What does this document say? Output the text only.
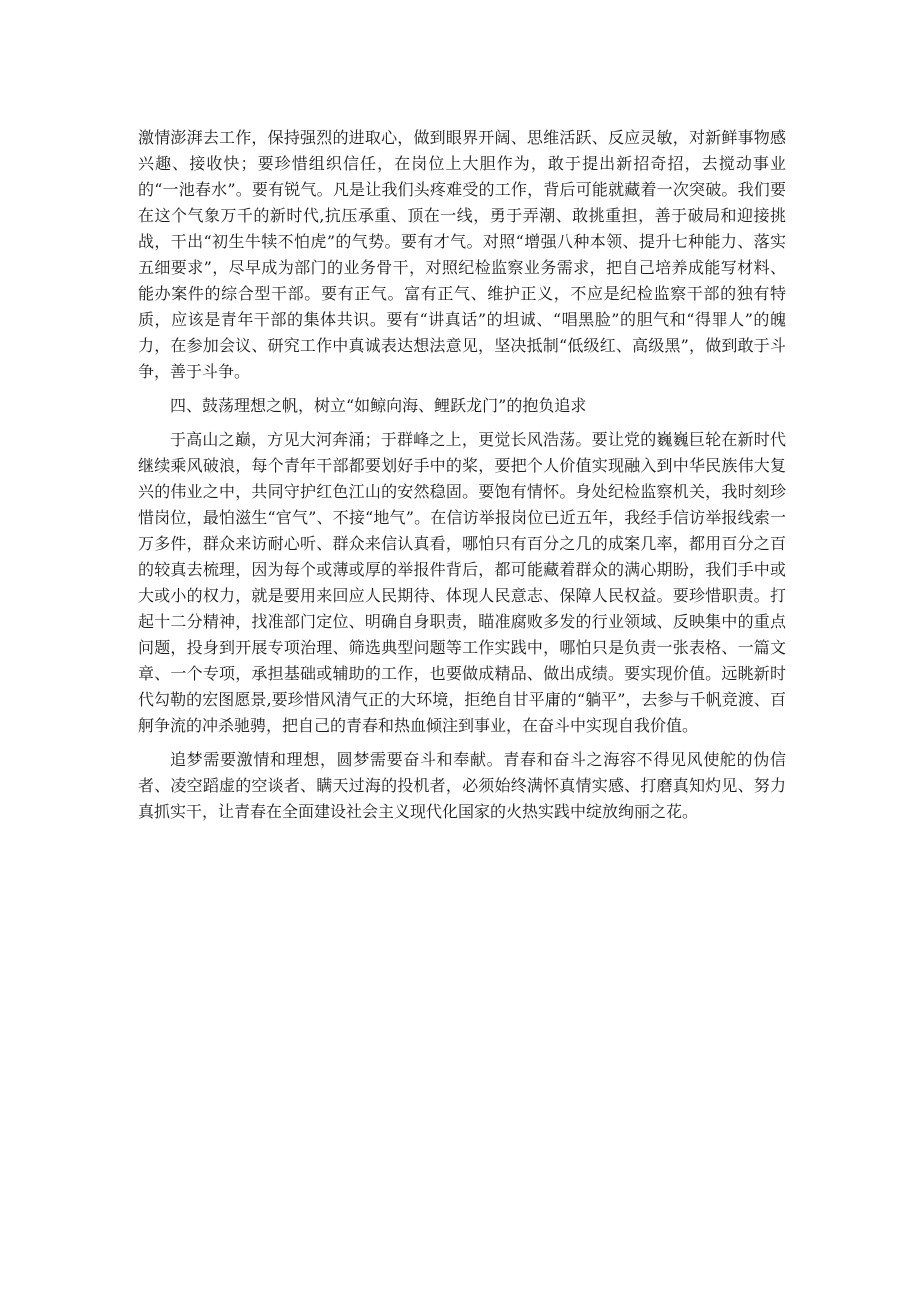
激情澎湃去工作，保持强烈的进取心，做到眼界开阔、思维活跃、反应灵敏，对新鲜事物感兴趣、接收快；要珍惜组织信任，在岗位上大胆作为，敢于提出新招奇招，去搅动事业的“一池春水”。要有锐气。凡是让我们头疼难受的工作，背后可能就藏着一次突破。我们要在这个气象万千的新时代,抗压承重、顶在一线，勇于弄潮、敢挑重担，善于破局和迎接挑战，干出“初生牛犊不怕虎”的气势。要有才气。对照“增强八种本领、提升七种能力、落实五细要求”，尽早成为部门的业务骨干，对照纪检监察业务需求，把自己培养成能写材料、能办案件的综合型干部。要有正气。富有正气、维护正义，不应是纪检监察干部的独有特质，应该是青年干部的集体共识。要有“讲真话”的坦诚、“唱黑脸”的胆气和“得罪人”的魄力，在参加会议、研究工作中真诚表达想法意见，坚决抵制“低级红、高级黑”，做到敢于斗争，善于斗争。

四、鼓荡理想之帆，树立“如鲸向海、鲤跃龙门”的抱负追求

于高山之巅，方见大河奔涌；于群峰之上，更觉长风浩荡。要让党的巍巍巨轮在新时代继续乘风破浪，每个青年干部都要划好手中的桨，要把个人价值实现融入到中华民族伟大复兴的伟业之中，共同守护红色江山的安然稳固。要饱有情怀。身处纪检监察机关，我时刻珍惜岗位，最怕滋生“官气”、不接“地气”。在信访举报岗位已近五年，我经手信访举报线索一万多件，群众来访耐心听、群众来信认真看，哪怕只有百分之几的成案几率，都用百分之百的较真去梳理，因为每个或薄或厚的举报件背后，都可能藏着群众的满心期盼，我们手中或大或小的权力，就是要用来回应人民期待、体现人民意志、保障人民权益。要珍惜职责。打起十二分精神，找准部门定位、明确自身职责，瞄准腐败多发的行业领域、反映集中的重点问题，投身到开展专项治理、筛选典型问题等工作实践中，哪怕只是负责一张表格、一篇文章、一个专项，承担基础或辅助的工作，也要做成精品、做出成绩。要实现价值。远眺新时代勾勒的宏图愿景,要珍惜风清气正的大环境，拒绝自甘平庸的“躺平”，去参与千帆竞渡、百舸争流的冲杀驰骋，把自己的青春和热血倾注到事业，在奋斗中实现自我价值。

追梦需要激情和理想，圆梦需要奋斗和奉献。青春和奋斗之海容不得见风使舵的伪信者、凌空蹈虚的空谈者、瞒天过海的投机者，必须始终满怀真情实感、打磨真知灼见、努力真抓实干，让青春在全面建设社会主义现代化国家的火热实践中绽放绚丽之花。
